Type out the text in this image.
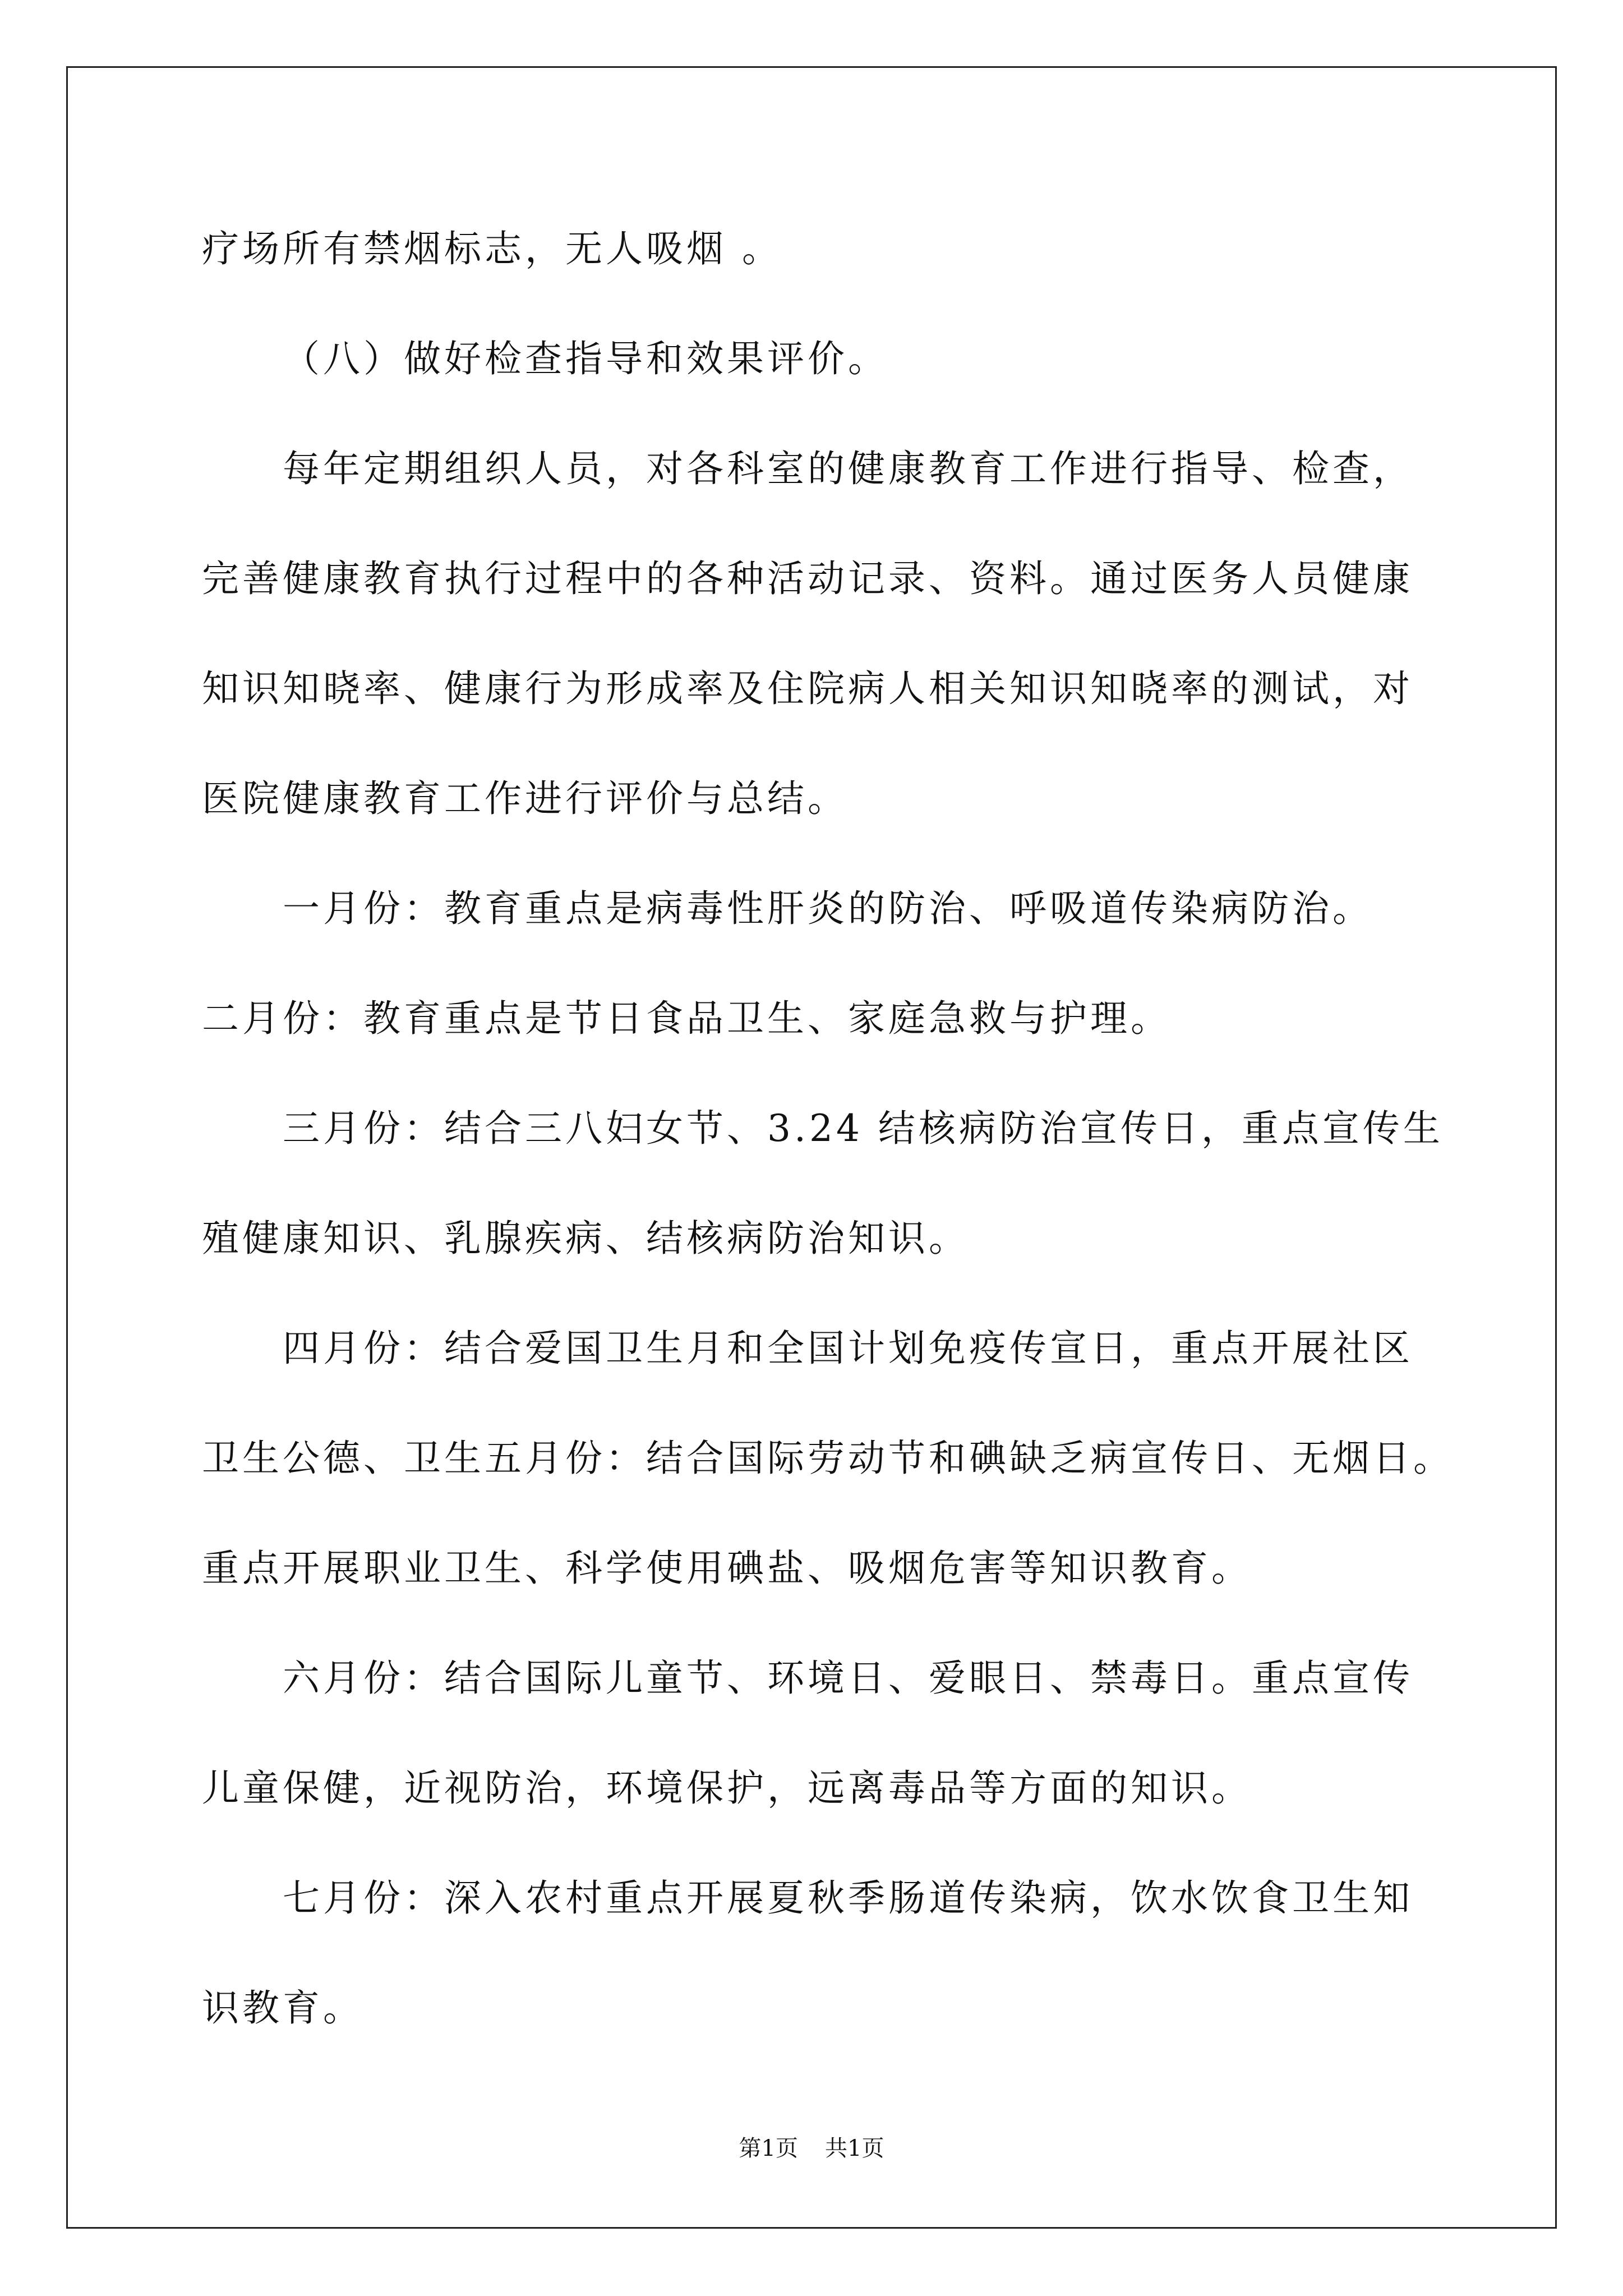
疗场所有禁烟标志，无人吸烟 。

（八）做好检查指导和效果评价。

每年定期组织人员，对各科室的健康教育工作进行指导、检查，

完善健康教育执行过程中的各种活动记录、资料。通过医务人员健康

知识知晓率、健康行为形成率及住院病人相关知识知晓率的测试，对

医院健康教育工作进行评价与总结。

一月份：教育重点是病毒性肝炎的防治、呼吸道传染病防治。

二月份：教育重点是节日食品卫生、家庭急救与护理。

三月份：结合三八妇女节、3.24 结核病防治宣传日，重点宣传生

殖健康知识、乳腺疾病、结核病防治知识。

四月份：结合爱国卫生月和全国计划免疫传宣日，重点开展社区

卫生公德、卫生五月份：结合国际劳动节和碘缺乏病宣传日、无烟日。

重点开展职业卫生、科学使用碘盐、吸烟危害等知识教育。

六月份：结合国际儿童节、环境日、爱眼日、禁毒日。重点宣传

儿童保健，近视防治，环境保护，远离毒品等方面的知识。

七月份：深入农村重点开展夏秋季肠道传染病，饮水饮食卫生知

识教育。

第1页 共1页
